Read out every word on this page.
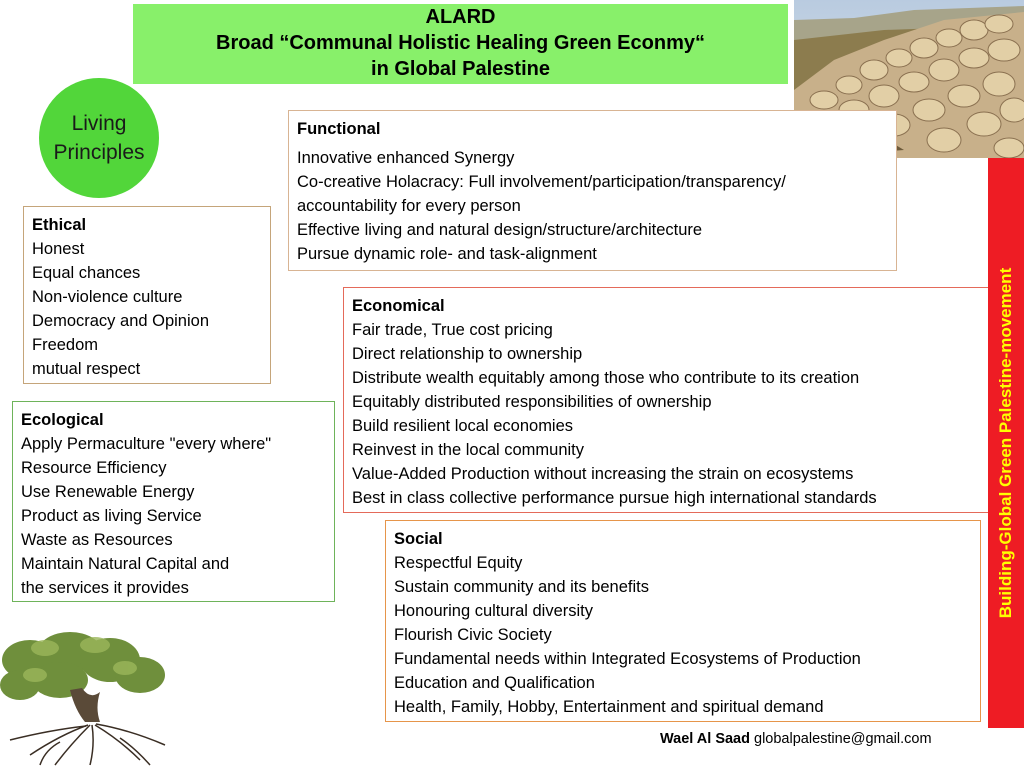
ALARD
Broad “Communal Holistic Healing Green Econmy“
in Global Palestine
Living
Principles
Functional
Innovative enhanced Synergy
Co-creative Holacracy: Full involvement/participation/transparency/
accountability for every person
Effective living and natural design/structure/architecture
Pursue dynamic role- and task-alignment
Ethical
Honest
Equal chances
Non-violence culture
Democracy and Opinion
Freedom
mutual respect
Economical
Fair trade, True cost pricing
Direct relationship to ownership
Distribute wealth equitably among those who contribute to its creation
Equitably distributed responsibilities of ownership
Build resilient local economies
Reinvest in the local community
Value-Added Production without increasing the strain on ecosystems
Best in class collective performance pursue high international standards
Ecological
Apply Permaculture "every where"
Resource Efficiency
Use Renewable Energy
Product as living Service
Waste as Resources
Maintain Natural Capital and
the services it provides
Social
Respectful Equity
Sustain community and its benefits
Honouring cultural diversity
Flourish Civic Society
Fundamental needs within Integrated Ecosystems of Production
Education and Qualification
Health, Family, Hobby, Entertainment and spiritual demand
Building-Global Green Palestine-movement
Wael Al Saad globalpalestine@gmail.com
